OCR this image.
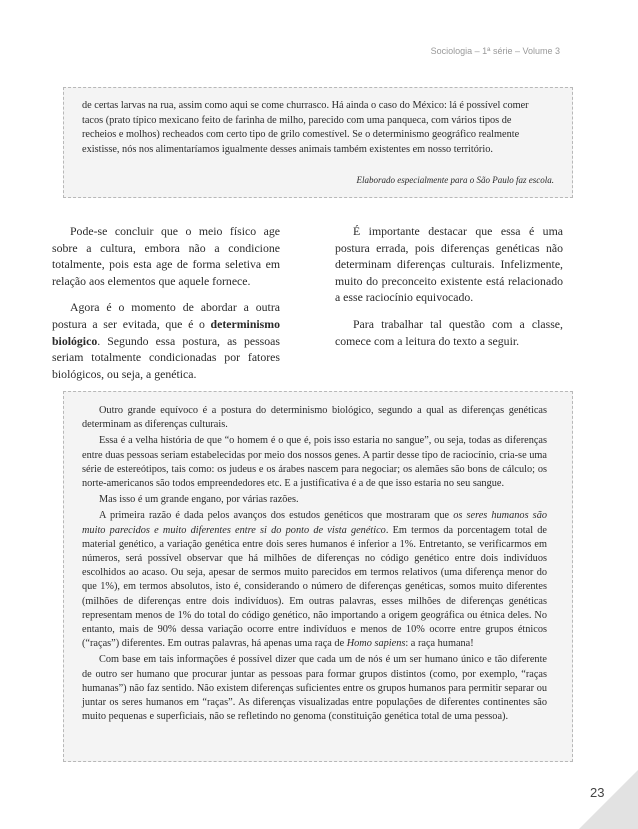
Sociologia – 1ª série – Volume 3
de certas larvas na rua, assim como aqui se come churrasco. Há ainda o caso do México: lá é possível comer tacos (prato típico mexicano feito de farinha de milho, parecido com uma panqueca, com vários tipos de recheios e molhos) recheados com certo tipo de grilo comestível. Se o determinismo geográfico realmente existisse, nós nos alimentaríamos igualmente desses animais também existentes em nosso território.
Elaborado especialmente para o São Paulo faz escola.

Pode-se concluir que o meio físico age sobre a cultura, embora não a condicione totalmente, pois esta age de forma seletiva em relação aos elementos que aquele fornece.

Agora é o momento de abordar a outra postura a ser evitada, que é o determinismo biológico. Segundo essa postura, as pessoas seriam totalmente condicionadas por fatores biológicos, ou seja, a genética.

É importante destacar que essa é uma postura errada, pois diferenças genéticas não determinam diferenças culturais. Infelizmente, muito do preconceito existente está relacionado a esse raciocínio equivocado.

Para trabalhar tal questão com a classe, comece com a leitura do texto a seguir.

Outro grande equívoco é a postura do determinismo biológico, segundo a qual as diferenças genéticas determinam as diferenças culturais.

Essa é a velha história de que “o homem é o que é, pois isso estaria no sangue”, ou seja, todas as diferenças entre duas pessoas seriam estabelecidas por meio dos nossos genes. A partir desse tipo de raciocínio, cria-se uma série de estereótipos, tais como: os judeus e os árabes nascem para negociar; os alemães são bons de cálculo; os norte-americanos são todos empreendedores etc. E a justificativa é a de que isso estaria no seu sangue.

Mas isso é um grande engano, por várias razões.

A primeira razão é dada pelos avanços dos estudos genéticos que mostraram que os seres humanos são muito parecidos e muito diferentes entre si do ponto de vista genético. Em termos da porcentagem total de material genético, a variação genética entre dois seres humanos é inferior a 1%. Entretanto, se verificarmos em números, será possível observar que há milhões de diferenças no código genético entre dois indivíduos escolhidos ao acaso. Ou seja, apesar de sermos muito parecidos em termos relativos (uma diferença menor do que 1%), em termos absolutos, isto é, considerando o número de diferenças genéticas, somos muito diferentes (milhões de diferenças entre dois indivíduos). Em outras palavras, esses milhões de diferenças genéticas representam menos de 1% do total do código genético, não importando a origem geográfica ou étnica deles. No entanto, mais de 90% dessa variação ocorre entre indivíduos e menos de 10% ocorre entre grupos étnicos (“raças”) diferentes. Em outras palavras, há apenas uma raça de Homo sapiens: a raça humana!

Com base em tais informações é possível dizer que cada um de nós é um ser humano único e tão diferente de outro ser humano que procurar juntar as pessoas para formar grupos distintos (como, por exemplo, “raças humanas”) não faz sentido. Não existem diferenças suficientes entre os grupos humanos para permitir separar ou juntar os seres humanos em “raças”. As diferenças visualizadas entre populações de diferentes continentes são muito pequenas e superficiais, não se refletindo no genoma (constituição genética total de uma pessoa).

23
